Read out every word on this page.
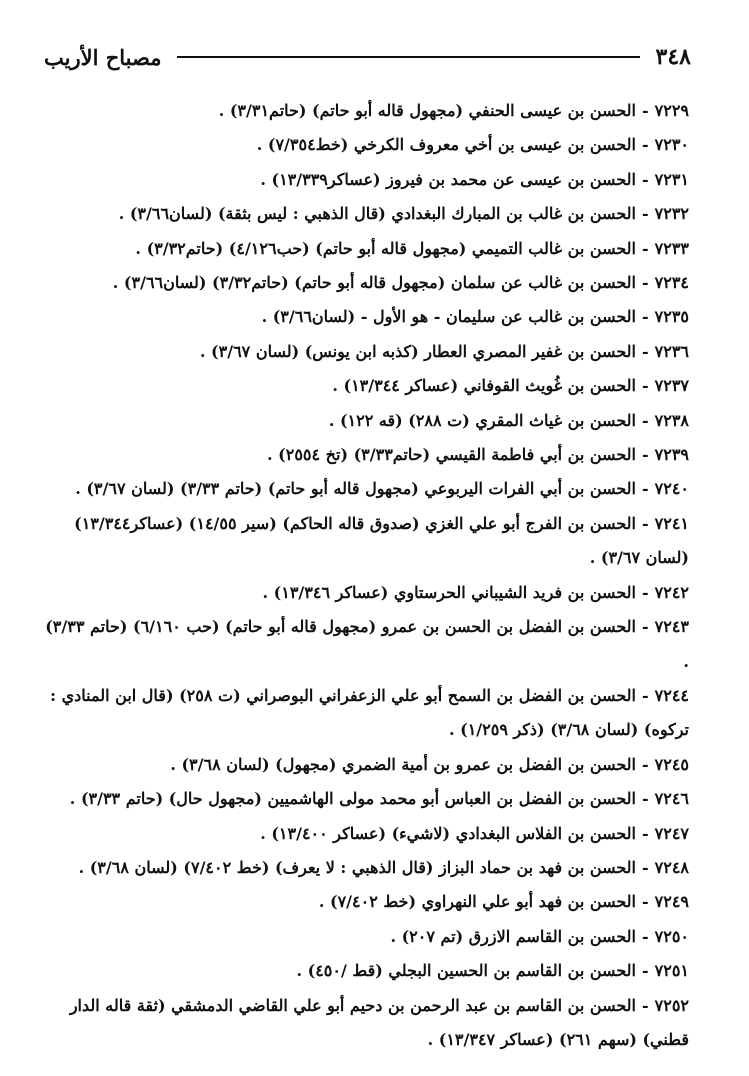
٣٤٨
مصباح الأريب
٧٢٢٩-الحسن بن عيسى الحنفي (مجهول قاله أبو حاتم) (حاتم٣/٣١) .
٧٢٣٠-الحسن بن عيسى بن أخي معروف الكرخي (خط٧/٣٥٤) .
٧٢٣١-الحسن بن عيسى عن محمد بن فيروز (عساكر١٣/٣٣٩) .
٧٢٣٢-الحسن بن غالب بن المبارك البغدادي (قال الذهبي : ليس بثقة) (لسان٣/٦٦) .
٧٢٣٣-الحسن بن غالب التميمي (مجهول قاله أبو حاتم) (حب٤/١٢٦) (حاتم٣/٣٢) .
٧٢٣٤-الحسن بن غالب عن سلمان (مجهول قاله أبو حاتم) (حاتم٣/٣٢) (لسان٣/٦٦) .
٧٢٣٥-الحسن بن غالب عن سليمان - هو الأول - (لسان٣/٦٦) .
٧٢٣٦-الحسن بن غفير المصري العطار (كذبه ابن يونس) (لسان ٣/٦٧) .
٧٢٣٧-الحسن بن غُويث القوفاني (عساكر ١٣/٣٤٤) .
٧٢٣٨-الحسن بن غياث المقري (ت ٢٨٨) (قه ١٢٢) .
٧٢٣٩-الحسن بن أبي فاطمة القيسي (حاتم٣/٣٣) (تخ ٢٥٥٤) .
٧٢٤٠-الحسن بن أبي الفرات اليربوعي (مجهول قاله أبو حاتم) (حاتم ٣/٣٣) (لسان ٣/٦٧) .
٧٢٤١-الحسن بن الفرج أبو علي الغزي (صدوق قاله الحاكم) (سير ١٤/٥٥) (عساكر١٣/٣٤٤) (لسان ٣/٦٧) .
٧٢٤٢-الحسن بن فريد الشيباني الحرستاوي (عساكر ١٣/٣٤٦) .
٧٢٤٣-الحسن بن الفضل بن الحسن بن عمرو (مجهول قاله أبو حاتم) (حب ٦/١٦٠) (حاتم ٣/٣٣) .
٧٢٤٤-الحسن بن الفضل بن السمح أبو علي الزعفراني البوصراني (ت ٢٥٨) (قال ابن المنادي : تركوه) (لسان ٣/٦٨) (ذكر ١/٢٥٩) .
٧٢٤٥-الحسن بن الفضل بن عمرو بن أمية الضمري (مجهول) (لسان ٣/٦٨) .
٧٢٤٦-الحسن بن الفضل بن العباس أبو محمد مولى الهاشميين (مجهول حال) (حاتم ٣/٣٣) .
٧٢٤٧-الحسن بن الفلاس البغدادي (لاشيء) (عساكر ١٣/٤٠٠) .
٧٢٤٨-الحسن بن فهد بن حماد البزاز (قال الذهبي : لا يعرف) (خط ٧/٤٠٢) (لسان ٣/٦٨) .
٧٢٤٩-الحسن بن فهد أبو علي النهراوي (خط ٧/٤٠٢) .
٧٢٥٠-الحسن بن القاسم الازرق (تم ٢٠٧) .
٧٢٥١-الحسن بن القاسم بن الحسين البجلي (قط /٤٥٠) .
٧٢٥٢-الحسن بن القاسم بن عبد الرحمن بن دحيم أبو علي القاضي الدمشقي (ثقة قاله الدار قطني) (سهم ٢٦١) (عساكر ١٣/٣٤٧) .
